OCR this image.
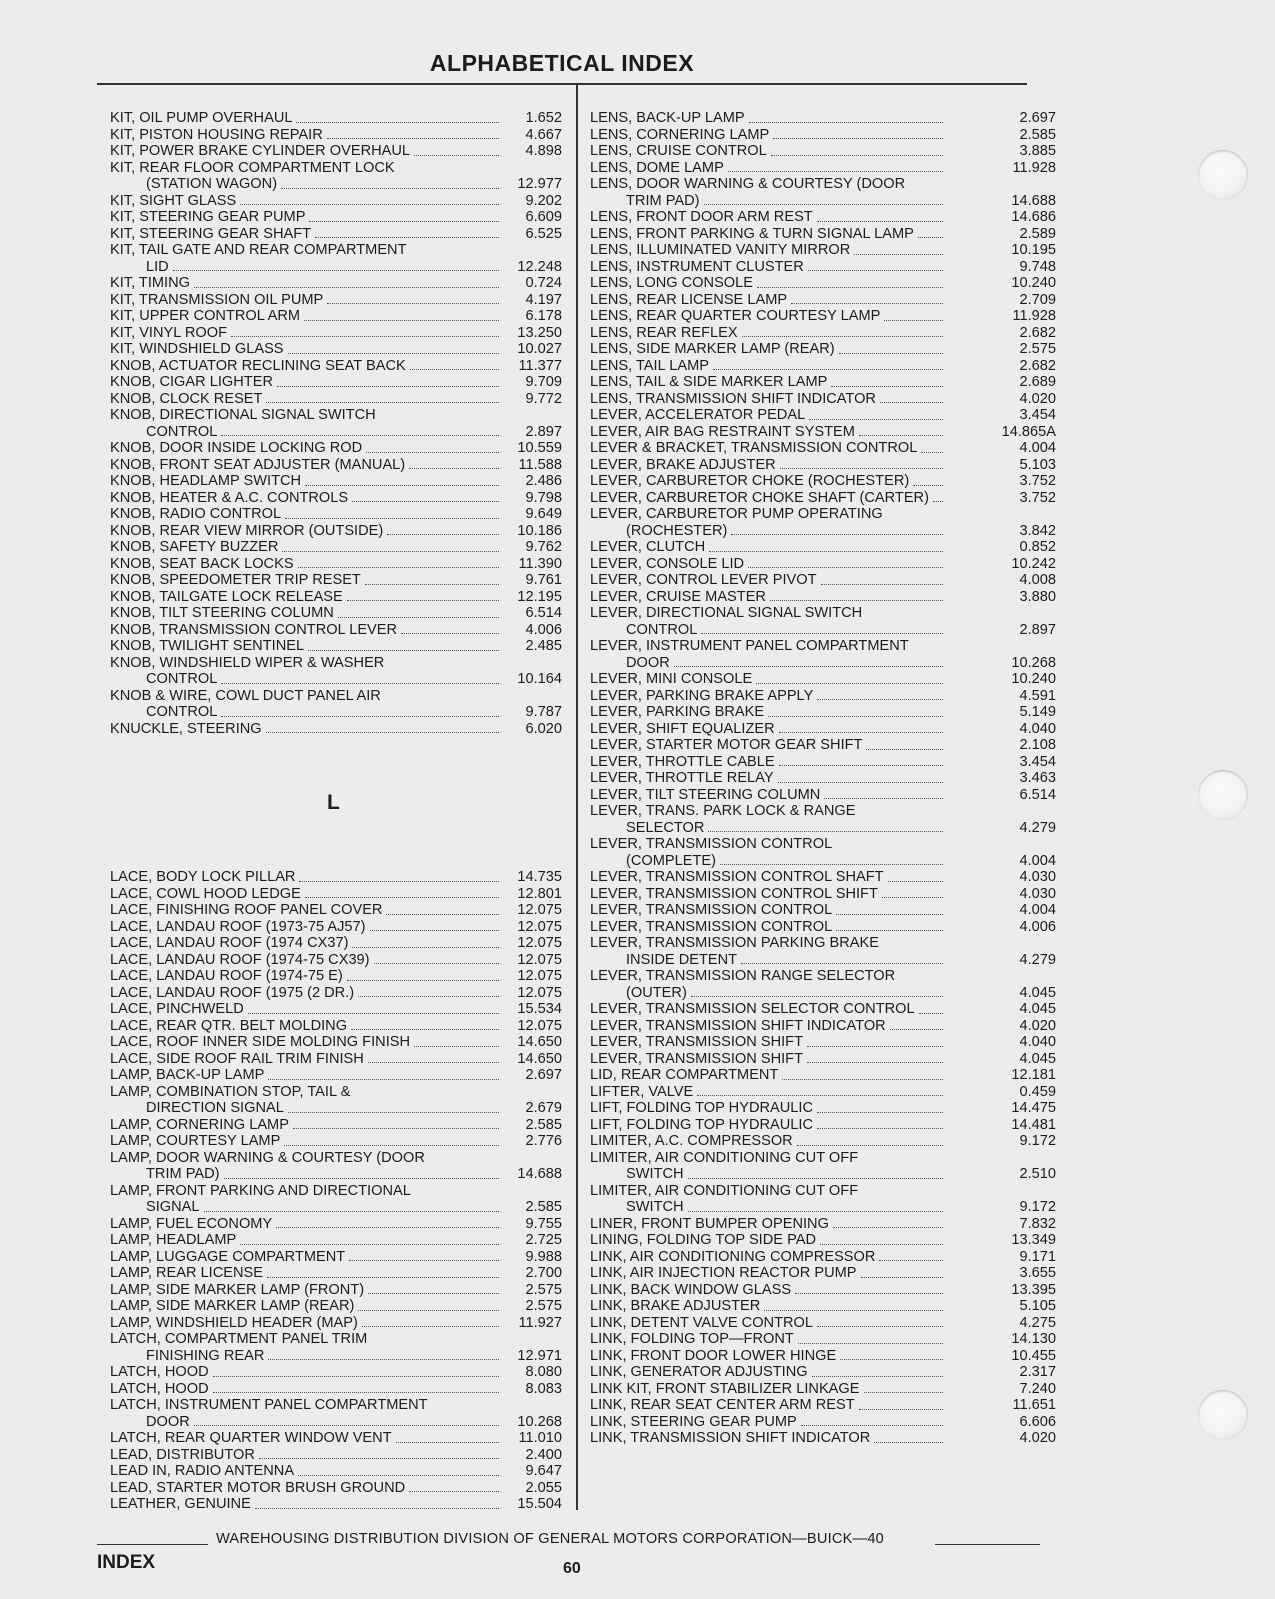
ALPHABETICAL INDEX
KIT, OIL PUMP OVERHAUL	1.652
KIT, PISTON HOUSING REPAIR	4.667
KIT, POWER BRAKE CYLINDER OVERHAUL	4.898
KIT, REAR FLOOR COMPARTMENT LOCK
(STATION WAGON)	12.977
KIT, SIGHT GLASS	9.202
KIT, STEERING GEAR PUMP	6.609
KIT, STEERING GEAR SHAFT	6.525
KIT, TAIL GATE AND REAR COMPARTMENT
LID	12.248
KIT, TIMING	0.724
KIT, TRANSMISSION OIL PUMP	4.197
KIT, UPPER CONTROL ARM	6.178
KIT, VINYL ROOF	13.250
KIT, WINDSHIELD GLASS	10.027
KNOB, ACTUATOR RECLINING SEAT BACK	11.377
KNOB, CIGAR LIGHTER	9.709
KNOB, CLOCK RESET	9.772
KNOB, DIRECTIONAL SIGNAL SWITCH
CONTROL	2.897
KNOB, DOOR INSIDE LOCKING ROD	10.559
KNOB, FRONT SEAT ADJUSTER (MANUAL)	11.588
KNOB, HEADLAMP SWITCH	2.486
KNOB, HEATER & A.C. CONTROLS	9.798
KNOB, RADIO CONTROL	9.649
KNOB, REAR VIEW MIRROR (OUTSIDE)	10.186
KNOB, SAFETY BUZZER	9.762
KNOB, SEAT BACK LOCKS	11.390
KNOB, SPEEDOMETER TRIP RESET	9.761
KNOB, TAILGATE LOCK RELEASE	12.195
KNOB, TILT STEERING COLUMN	6.514
KNOB, TRANSMISSION CONTROL LEVER	4.006
KNOB, TWILIGHT SENTINEL	2.485
KNOB, WINDSHIELD WIPER & WASHER
CONTROL	10.164
KNOB & WIRE, COWL DUCT PANEL AIR
CONTROL	9.787
KNUCKLE, STEERING	6.020
L
LACE, BODY LOCK PILLAR	14.735
LACE, COWL HOOD LEDGE	12.801
LACE, FINISHING ROOF PANEL COVER	12.075
LACE, LANDAU ROOF (1973-75 AJ57)	12.075
LACE, LANDAU ROOF (1974 CX37)	12.075
LACE, LANDAU ROOF (1974-75 CX39)	12.075
LACE, LANDAU ROOF (1974-75 E)	12.075
LACE, LANDAU ROOF (1975 (2 DR.)	12.075
LACE, PINCHWELD	15.534
LACE, REAR QTR. BELT MOLDING	12.075
LACE, ROOF INNER SIDE MOLDING FINISH	14.650
LACE, SIDE ROOF RAIL TRIM FINISH	14.650
LAMP, BACK-UP LAMP	2.697
LAMP, COMBINATION STOP, TAIL &
DIRECTION SIGNAL	2.679
LAMP, CORNERING LAMP	2.585
LAMP, COURTESY LAMP	2.776
LAMP, DOOR WARNING & COURTESY (DOOR
TRIM PAD)	14.688
LAMP, FRONT PARKING AND DIRECTIONAL
SIGNAL	2.585
LAMP, FUEL ECONOMY	9.755
LAMP, HEADLAMP	2.725
LAMP, LUGGAGE COMPARTMENT	9.988
LAMP, REAR LICENSE	2.700
LAMP, SIDE MARKER LAMP (FRONT)	2.575
LAMP, SIDE MARKER LAMP (REAR)	2.575
LAMP, WINDSHIELD HEADER (MAP)	11.927
LATCH, COMPARTMENT PANEL TRIM
FINISHING REAR	12.971
LATCH, HOOD	8.080
LATCH, HOOD	8.083
LATCH, INSTRUMENT PANEL COMPARTMENT
DOOR	10.268
LATCH, REAR QUARTER WINDOW VENT	11.010
LEAD, DISTRIBUTOR	2.400
LEAD IN, RADIO ANTENNA	9.647
LEAD, STARTER MOTOR BRUSH GROUND	2.055
LEATHER, GENUINE	15.504
LENS, BACK-UP LAMP	2.697
LENS, CORNERING LAMP	2.585
LENS, CRUISE CONTROL	3.885
LENS, DOME LAMP	11.928
LENS, DOOR WARNING & COURTESY (DOOR
TRIM PAD)	14.688
LENS, FRONT DOOR ARM REST	14.686
LENS, FRONT PARKING & TURN SIGNAL LAMP	2.589
LENS, ILLUMINATED VANITY MIRROR	10.195
LENS, INSTRUMENT CLUSTER	9.748
LENS, LONG CONSOLE	10.240
LENS, REAR LICENSE LAMP	2.709
LENS, REAR QUARTER COURTESY LAMP	11.928
LENS, REAR REFLEX	2.682
LENS, SIDE MARKER LAMP (REAR)	2.575
LENS, TAIL LAMP	2.682
LENS, TAIL & SIDE MARKER LAMP	2.689
LENS, TRANSMISSION SHIFT INDICATOR	4.020
LEVER, ACCELERATOR PEDAL	3.454
LEVER, AIR BAG RESTRAINT SYSTEM	14.865A
LEVER & BRACKET, TRANSMISSION CONTROL	4.004
LEVER, BRAKE ADJUSTER	5.103
LEVER, CARBURETOR CHOKE (ROCHESTER)	3.752
LEVER, CARBURETOR CHOKE SHAFT (CARTER)	3.752
LEVER, CARBURETOR PUMP OPERATING
(ROCHESTER)	3.842
LEVER, CLUTCH	0.852
LEVER, CONSOLE LID	10.242
LEVER, CONTROL LEVER PIVOT	4.008
LEVER, CRUISE MASTER	3.880
LEVER, DIRECTIONAL SIGNAL SWITCH
CONTROL	2.897
LEVER, INSTRUMENT PANEL COMPARTMENT
DOOR	10.268
LEVER, MINI CONSOLE	10.240
LEVER, PARKING BRAKE APPLY	4.591
LEVER, PARKING BRAKE	5.149
LEVER, SHIFT EQUALIZER	4.040
LEVER, STARTER MOTOR GEAR SHIFT	2.108
LEVER, THROTTLE CABLE	3.454
LEVER, THROTTLE RELAY	3.463
LEVER, TILT STEERING COLUMN	6.514
LEVER, TRANS. PARK LOCK & RANGE
SELECTOR	4.279
LEVER, TRANSMISSION CONTROL
(COMPLETE)	4.004
LEVER, TRANSMISSION CONTROL SHAFT	4.030
LEVER, TRANSMISSION CONTROL SHIFT	4.030
LEVER, TRANSMISSION CONTROL	4.004
LEVER, TRANSMISSION CONTROL	4.006
LEVER, TRANSMISSION PARKING BRAKE
INSIDE DETENT	4.279
LEVER, TRANSMISSION RANGE SELECTOR
(OUTER)	4.045
LEVER, TRANSMISSION SELECTOR CONTROL	4.045
LEVER, TRANSMISSION SHIFT INDICATOR	4.020
LEVER, TRANSMISSION SHIFT	4.040
LEVER, TRANSMISSION SHIFT	4.045
LID, REAR COMPARTMENT	12.181
LIFTER, VALVE	0.459
LIFT, FOLDING TOP HYDRAULIC	14.475
LIFT, FOLDING TOP HYDRAULIC	14.481
LIMITER, A.C. COMPRESSOR	9.172
LIMITER, AIR CONDITIONING CUT OFF
SWITCH	2.510
LIMITER, AIR CONDITIONING CUT OFF
SWITCH	9.172
LINER, FRONT BUMPER OPENING	7.832
LINING, FOLDING TOP SIDE PAD	13.349
LINK, AIR CONDITIONING COMPRESSOR	9.171
LINK, AIR INJECTION REACTOR PUMP	3.655
LINK, BACK WINDOW GLASS	13.395
LINK, BRAKE ADJUSTER	5.105
LINK, DETENT VALVE CONTROL	4.275
LINK, FOLDING TOP—FRONT	14.130
LINK, FRONT DOOR LOWER HINGE	10.455
LINK, GENERATOR ADJUSTING	2.317
LINK KIT, FRONT STABILIZER LINKAGE	7.240
LINK, REAR SEAT CENTER ARM REST	11.651
LINK, STEERING GEAR PUMP	6.606
LINK, TRANSMISSION SHIFT INDICATOR	4.020
WAREHOUSING DISTRIBUTION DIVISION OF GENERAL MOTORS CORPORATION—BUICK—40
INDEX	60
